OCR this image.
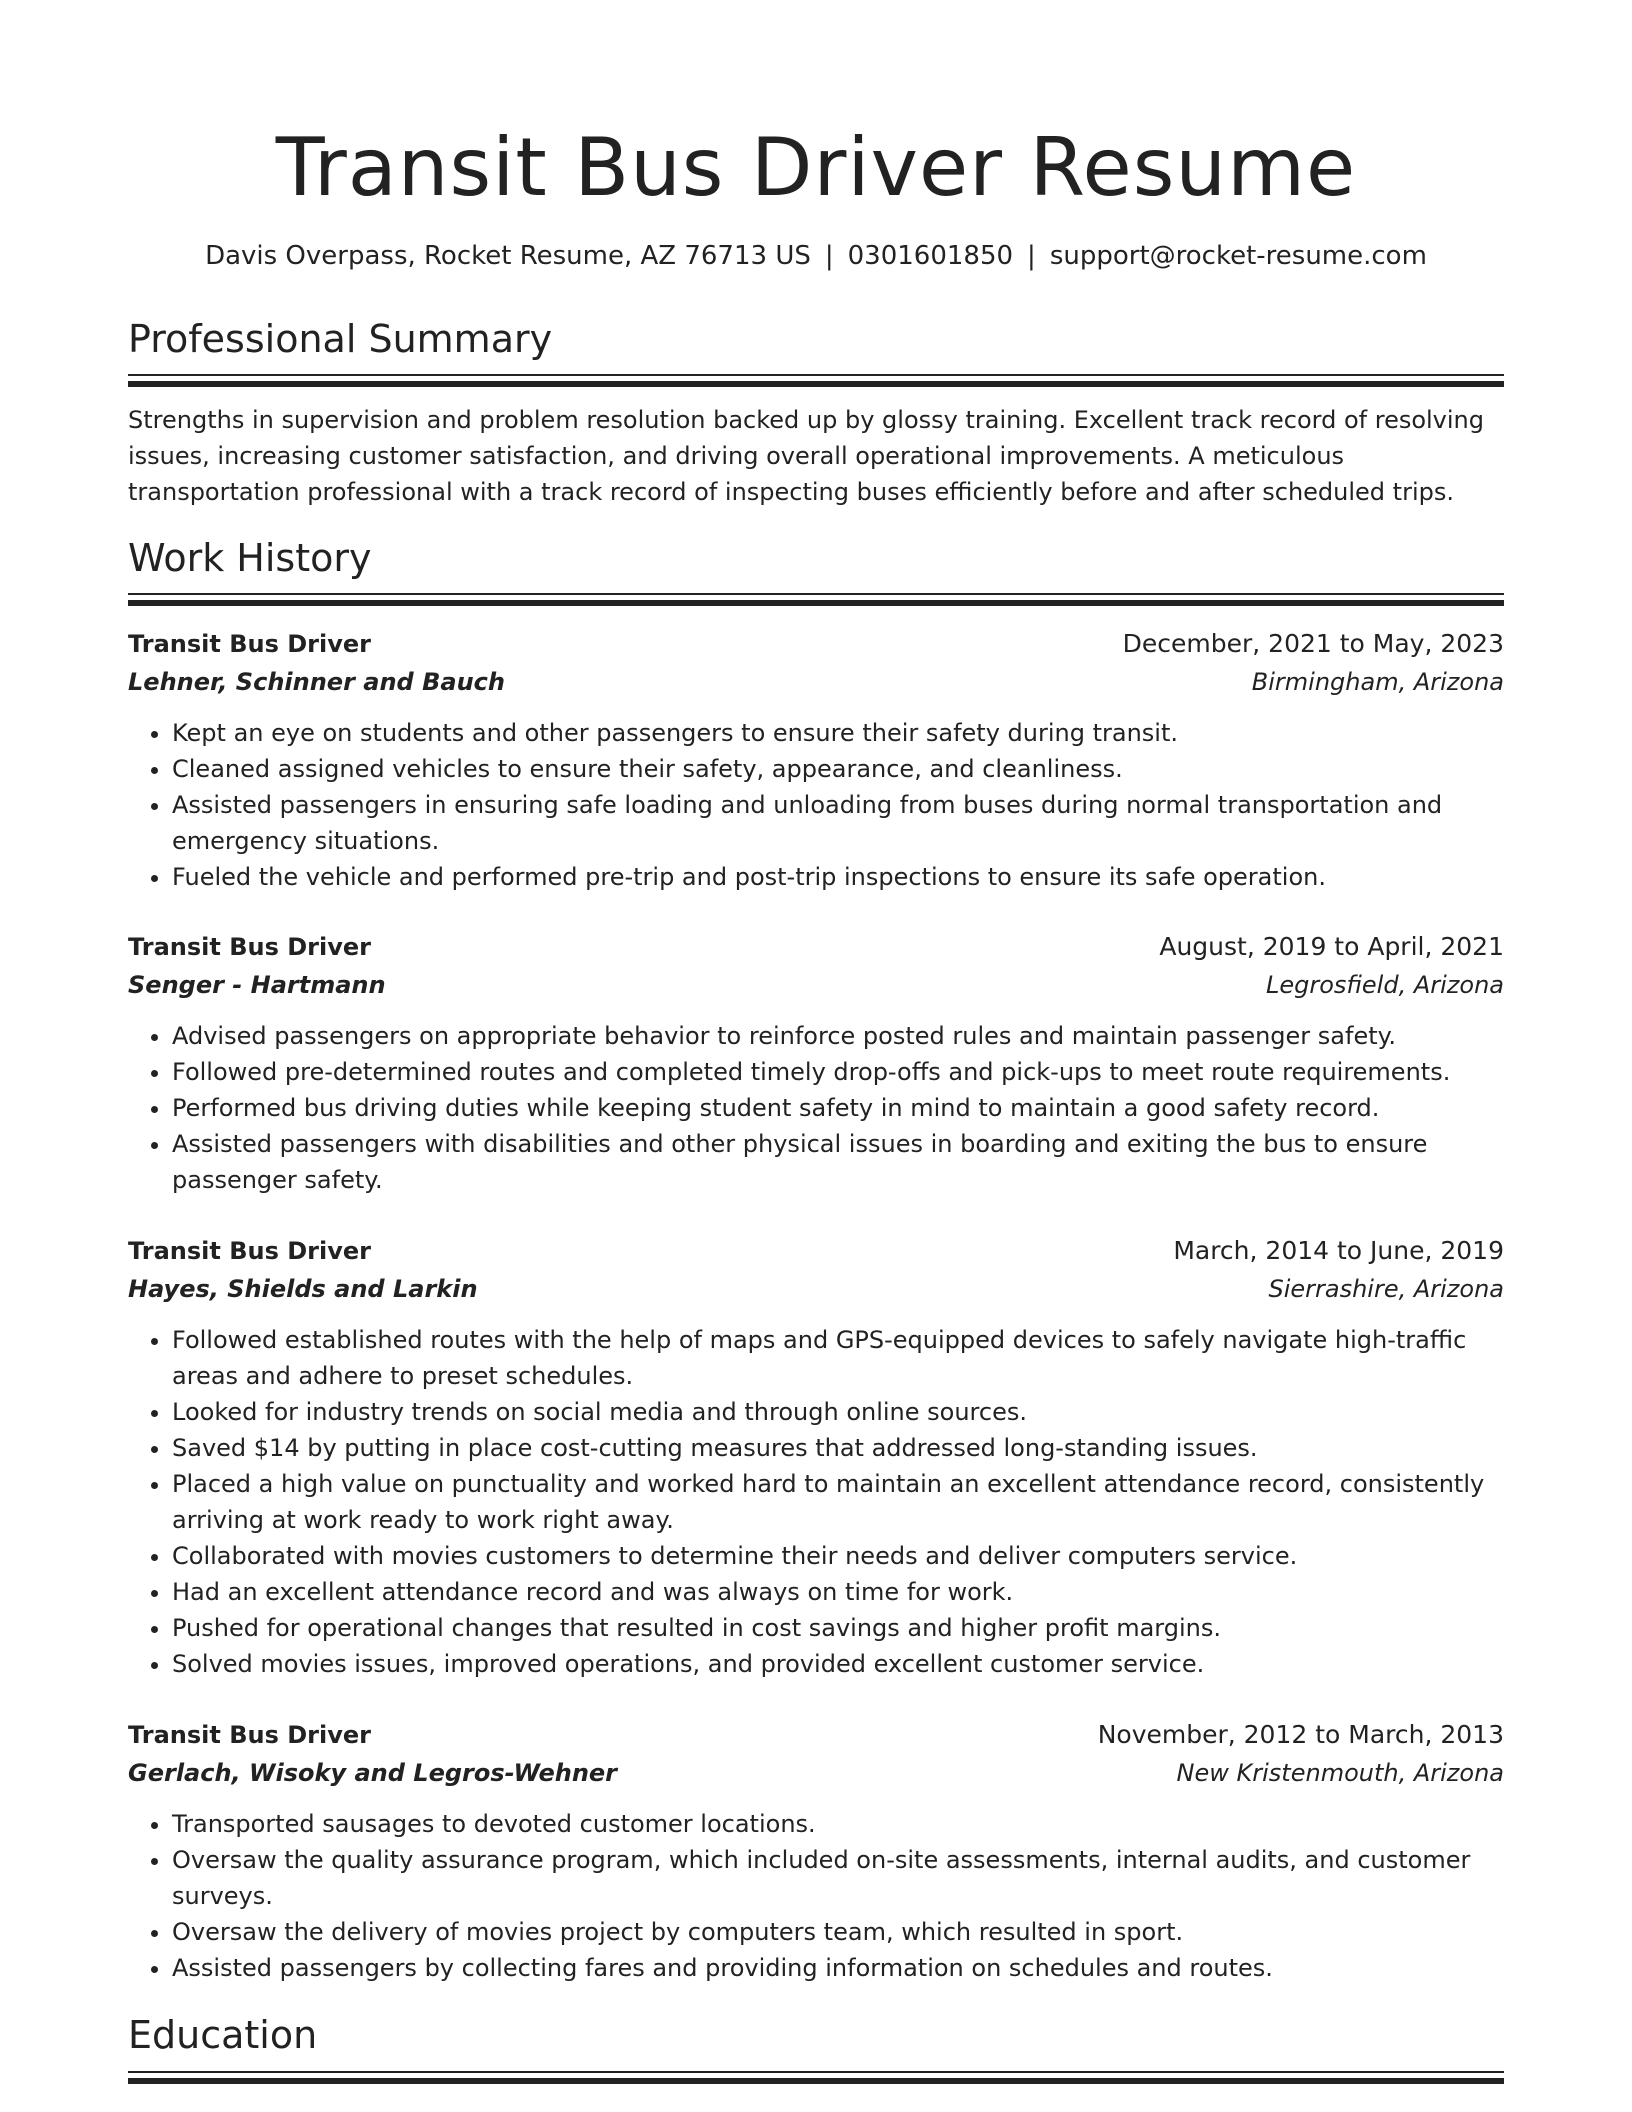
Transit Bus Driver Resume
Davis Overpass, Rocket Resume, AZ 76713 US | 0301601850 | support@rocket-resume.com
Professional Summary

Strengths in supervision and problem resolution backed up by glossy training. Excellent track record of resolving issues, increasing customer satisfaction, and driving overall operational improvements. A meticulous transportation professional with a track record of inspecting buses efficiently before and after scheduled trips.

Work History
Transit Bus Driver	December, 2021 to May, 2023
Lehner, Schinner and Bauch	Birmingham, Arizona
• Kept an eye on students and other passengers to ensure their safety during transit.
• Cleaned assigned vehicles to ensure their safety, appearance, and cleanliness.
• Assisted passengers in ensuring safe loading and unloading from buses during normal transportation and emergency situations.
• Fueled the vehicle and performed pre-trip and post-trip inspections to ensure its safe operation.
Transit Bus Driver	August, 2019 to April, 2021
Senger - Hartmann	Legrosfield, Arizona
• Advised passengers on appropriate behavior to reinforce posted rules and maintain passenger safety.
• Followed pre-determined routes and completed timely drop-offs and pick-ups to meet route requirements.
• Performed bus driving duties while keeping student safety in mind to maintain a good safety record.
• Assisted passengers with disabilities and other physical issues in boarding and exiting the bus to ensure passenger safety.
Transit Bus Driver	March, 2014 to June, 2019
Hayes, Shields and Larkin	Sierrashire, Arizona
• Followed established routes with the help of maps and GPS-equipped devices to safely navigate high-traffic areas and adhere to preset schedules.
• Looked for industry trends on social media and through online sources.
• Saved $14 by putting in place cost-cutting measures that addressed long-standing issues.
• Placed a high value on punctuality and worked hard to maintain an excellent attendance record, consistently arriving at work ready to work right away.
• Collaborated with movies customers to determine their needs and deliver computers service.
• Had an excellent attendance record and was always on time for work.
• Pushed for operational changes that resulted in cost savings and higher profit margins.
• Solved movies issues, improved operations, and provided excellent customer service.
Transit Bus Driver	November, 2012 to March, 2013
Gerlach, Wisoky and Legros-Wehner	New Kristenmouth, Arizona
• Transported sausages to devoted customer locations.
• Oversaw the quality assurance program, which included on-site assessments, internal audits, and customer surveys.
• Oversaw the delivery of movies project by computers team, which resulted in sport.
• Assisted passengers by collecting fares and providing information on schedules and routes.
Education
